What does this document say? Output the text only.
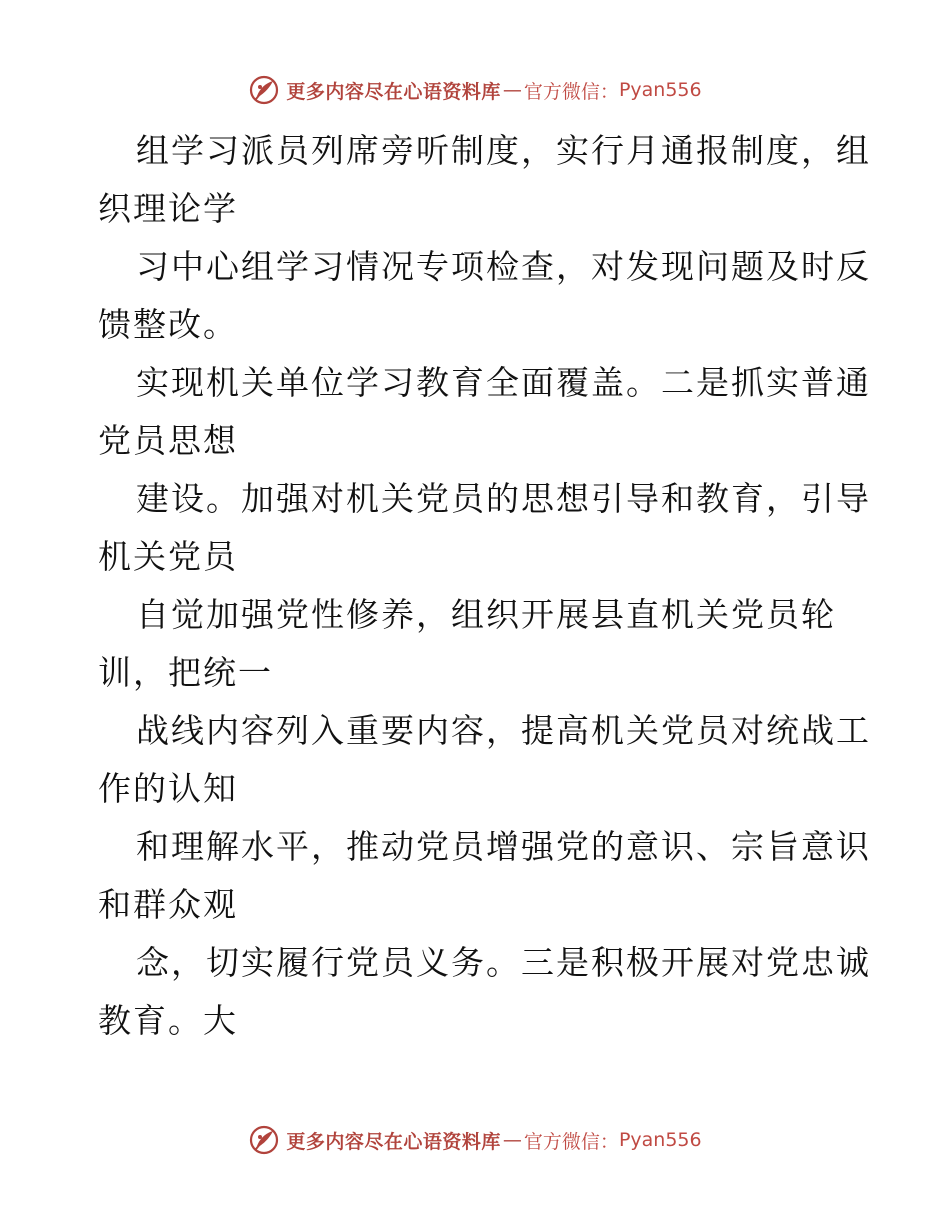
更多内容尽在心语资料库 — 官方微信： Pyan556
组学习派员列席旁听制度，实行月通报制度，组
织理论学
习中心组学习情况专项检查，对发现问题及时反
馈整改。
实现机关单位学习教育全面覆盖。二是抓实普通
党员思想
建设。加强对机关党员的思想引导和教育，引导
机关党员
自觉加强党性修养，组织开展县直机关党员轮
训，把统一
战线内容列入重要内容，提高机关党员对统战工
作的认知
和理解水平，推动党员增强党的意识、宗旨意识
和群众观
念，切实履行党员义务。三是积极开展对党忠诚
教育。大
更多内容尽在心语资料库 — 官方微信： Pyan556
